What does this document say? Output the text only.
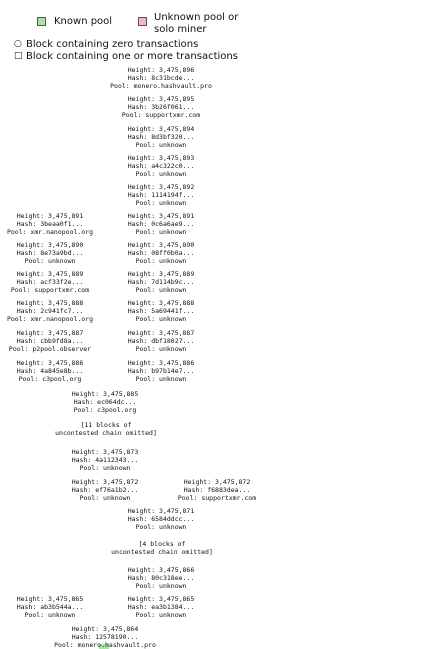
Known pool	Unknown pool or
solo miner
○ Block containing zero transactions
□ Block containing one or more transactions
Height: 3,475,896
Hash: 8c31bcde...
Pool: monero.hashvault.pro
Height: 3,475,895
Hash: 3b26f061...
Pool: supportxmr.com
Height: 3,475,894
Hash: 8d3bf320...
Pool: unknown
Height: 3,475,893
Hash: a4c322c0...
Pool: unknown
Height: 3,475,892
Hash: 1114194f...
Pool: unknown
Height: 3,475,891
Hash: 3beaa0f1...
Pool: xmr.nanopool.org
Height: 3,475,891
Hash: 0c6a6ae9...
Pool: unknown
Height: 3,475,890
Hash: 8e73a9bd...
Pool: unknown
Height: 3,475,890
Hash: 08ff0b0a...
Pool: unknown
Height: 3,475,889
Hash: acf33f2e...
Pool: supportxmr.com
Height: 3,475,889
Hash: 7d114b9c...
Pool: unknown
Height: 3,475,888
Hash: 2c941fc7...
Pool: xmr.nanopool.org
Height: 3,475,888
Hash: 5a69441f...
Pool: unknown
Height: 3,475,887
Hash: cbb9fd8a...
Pool: p2pool.observer
Height: 3,475,887
Hash: dbf18027...
Pool: unknown
Height: 3,475,886
Hash: 4a845e8b...
Pool: c3pool.org
Height: 3,475,886
Hash: b97b14e7...
Pool: unknown
Height: 3,475,885
Hash: ec064dc...
Pool: c3pool.org
Height: 3,475,873
Hash: 4a112343...
Pool: unknown
Height: 3,475,872
Hash: ef76a1b2...
Pool: unknown
Height: 3,475,872
Hash: f6883dea...
Pool: supportxmr.com
Height: 3,475,871
Hash: 6584ddcc...
Pool: unknown
Height: 3,475,866
Hash: 80c318ee...
Pool: unknown
Height: 3,475,865
Hash: ab3b544a...
Pool: unknown
Height: 3,475,865
Hash: ea3b1384...
Pool: unknown
Height: 3,475,864
Hash: 12578190...
Pool: monero.hashvault.pro
[11 blocks of
uncontested chain omitted]
[4 blocks of
uncontested chain omitted]
